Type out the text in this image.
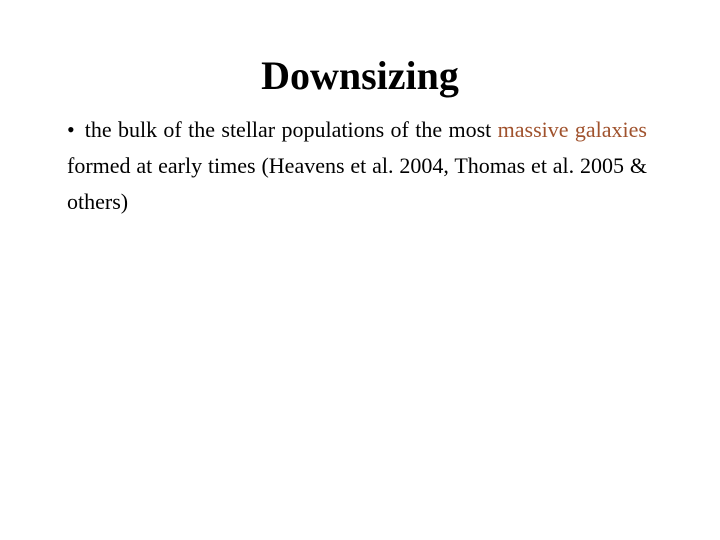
Downsizing
• the bulk of the stellar populations of the most massive galaxies formed at early times (Heavens et al. 2004, Thomas et al. 2005 & others)
